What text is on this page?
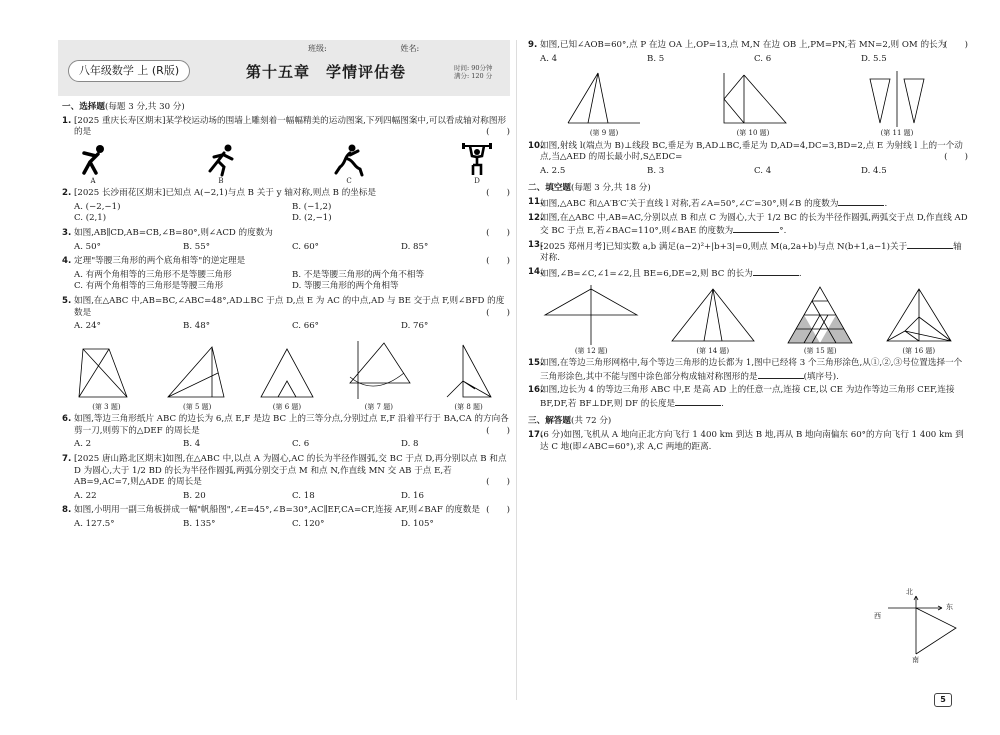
八年级数学 上 (R版)
班级:	姓名:
第十五章　学情评估卷	时间: 90分钟
满分: 120 分
一、选择题(每题 3 分,共 30 分)
1. [2025 重庆长寿区期末]某学校运动场的围墙上雕刻着一幅幅精美的运动图案,下列四幅图案中,可以看成轴对称图形的是	(　　)
A	B	C	D
2. [2025 长沙雨花区期末]已知点 A(−2,1)与点 B 关于 y 轴对称,则点 B 的坐标是	(　　)
A. (−2,−1)	B. (−1,2)
C. (2,1)	D. (2,−1)
3. 如图,AB∥CD,AB=CB,∠B=80°,则∠ACD 的度数为	(　　)
A. 50°	B. 55°	C. 60°	D. 85°
4. 定理"等腰三角形的两个底角相等"的逆定理是	(　　)
A. 有两个角相等的三角形不是等腰三角形	B. 不是等腰三角形的两个角不相等
C. 有两个角相等的三角形是等腰三角形	D. 等腰三角形的两个角相等
5. 如图,在△ABC 中,AB=BC,∠ABC=48°,AD⊥BC 于点 D,点 E 为 AC 的中点,AD 与 BE 交于点 F,则∠BFD 的度数是	(　　)
A. 24°	B. 48°	C. 66°	D. 76°
(第 3 题)	(第 5 题)	(第 6 题)	(第 7 题)	(第 8 题)
6. 如图,等边三角形纸片 ABC 的边长为 6,点 E,F 是边 BC 上的三等分点,分别过点 E,F 沿着平行于 BA,CA 的方向各剪一刀,则剪下的△DEF 的周长是	(　　)
A. 2	B. 4	C. 6	D. 8
7. [2025 唐山路北区期末]如图,在△ABC 中,以点 A 为圆心,AC 的长为半径作圆弧,交 BC 于点 D,再分别以点 B 和点 D 为圆心,大于 1/2 BD 的长为半径作圆弧,两弧分别交于点 M 和点 N,作直线 MN 交 AB 于点 E,若 AB=9,AC=7,则△ADE 的周长是	(　　)
A. 22	B. 20	C. 18	D. 16
8. 如图,小明用一副三角板拼成一幅"帆船图",∠E=45°,∠B=30°,AC∥EF,CA=CF,连接 AF,则∠BAF 的度数是 (　　)
A. 127.5°	B. 135°	C. 120°	D. 105°
9. 如图,已知∠AOB=60°,点 P 在边 OA 上,OP=13,点 M,N 在边 OB 上,PM=PN,若 MN=2,则 OM 的长为
(　　)
A. 4	B. 5	C. 6	D. 5.5
(第 9 题)	(第 10 题)	(第 11 题)
10.
如图,射线 l(端点为 B)⊥线段 BC,垂足为 B,AD⊥BC,垂足为 D,AD=4,DC=3,BD=2,点 E 为射线 l 上的一个动点,当△AED 的周长最小时,S△EDC=	(　　)
A. 2.5	B. 3	C. 4	D. 4.5
二、填空题(每题 3 分,共 18 分)
11.
如图,△ABC 和△A′B′C′关于直线 l 对称,若∠A=50°,∠C′=30°,则∠B 的度数为	.
12.
如图,在△ABC 中,AB=AC,分别以点 B 和点 C 为圆心,大于 1/2 BC 的长为半径作圆弧,两弧交于点 D,作直线 AD 交 BC 于点 E,若∠BAC=110°,则∠BAE 的度数为	°.
13.
[2025 郑州月考]已知实数 a,b 满足(a−2)²+|b+3|=0,则点 M(a,2a+b)与点 N(b+1,a−1)关于	轴对称.
14.
如图,∠B=∠C,∠1=∠2,且 BE=6,DE=2,则 BC 的长为	.
(第 12 题)	(第 14 题)	(第 15 题)	(第 16 题)
15.
如图,在等边三角形网格中,每个等边三角形的边长都为 1,图中已经将 3 个三角形涂色,从①,②,③号位置选择一个三角形涂色,其中不能与图中涂色部分构成轴对称图形的是	(填序号).
16.
如图,边长为 4 的等边三角形 ABC 中,E 是高 AD 上的任意一点,连接 CE,以 CE 为边作等边三角形 CEF,连接 BF,DF,若 BF⊥DF,则 DF 的长度是	.
三、解答题(共 72 分)
17.
(6 分)如图,飞机从 A 地向正北方向飞行 1 400 km 到达 B 地,再从 B 地向南偏东 60°的方向飞行 1 400 km 到达 C 地(即∠ABC=60°),求 A,C 两地的距离.
北
东
西
南
5
